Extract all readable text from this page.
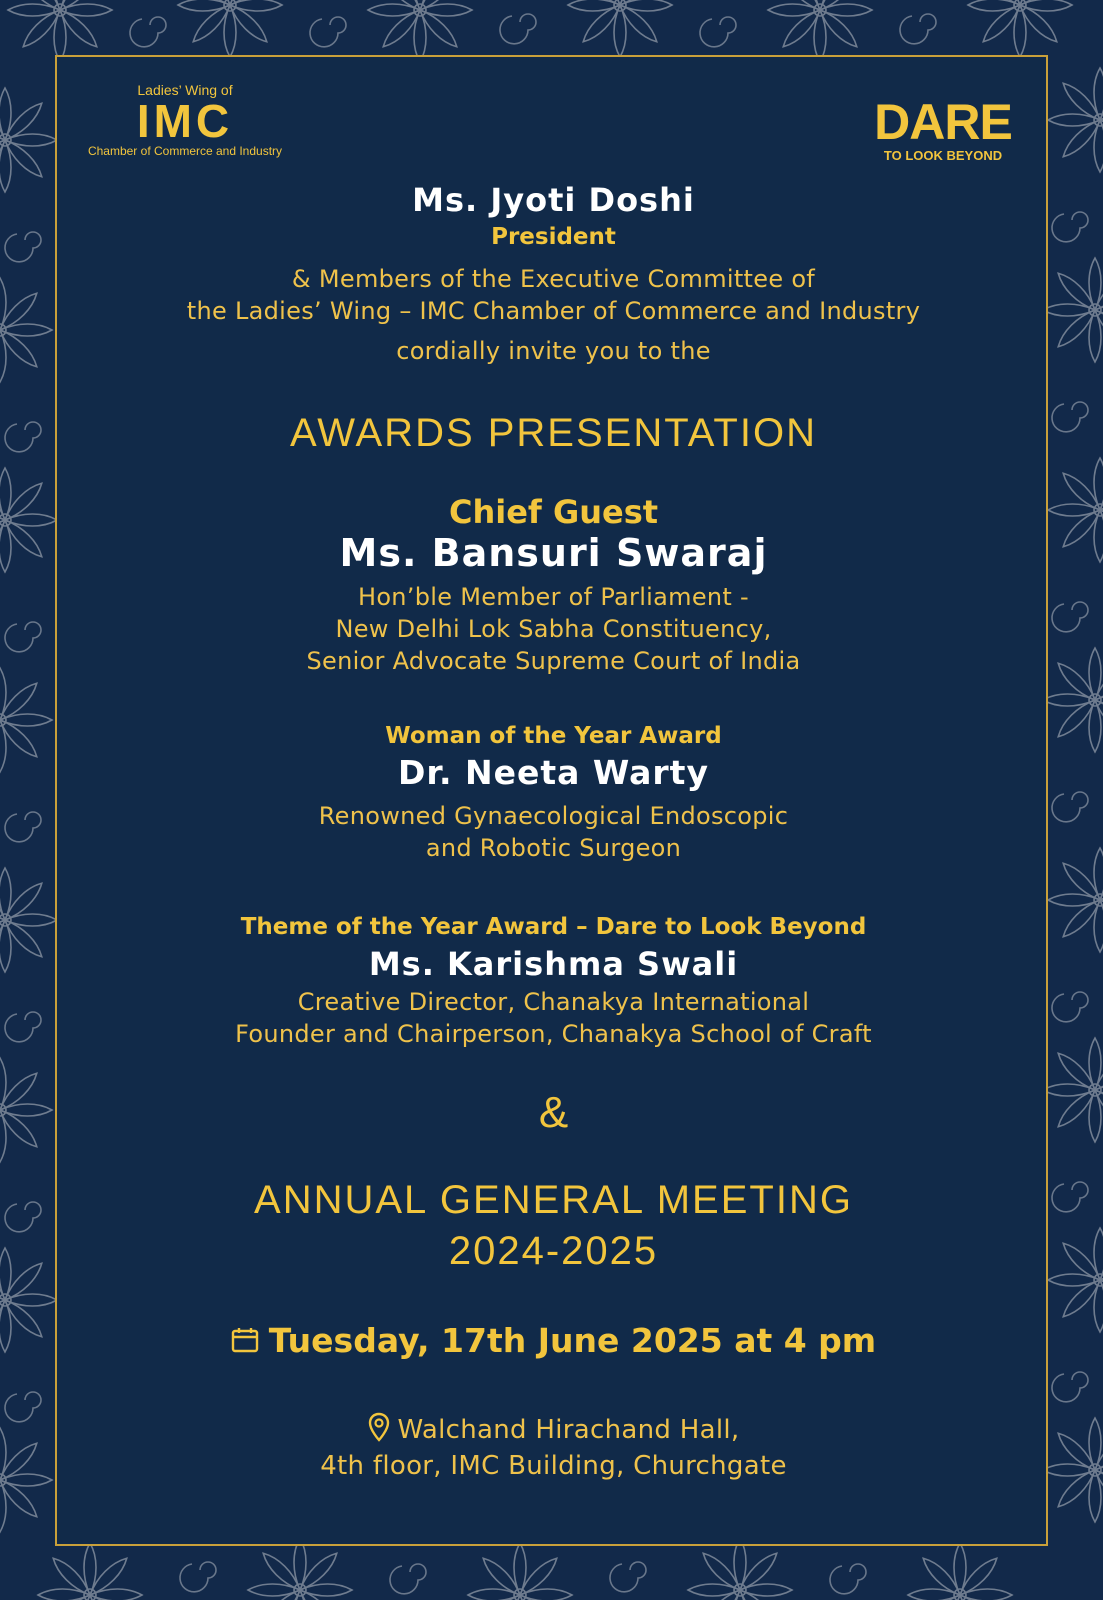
Ladies’ Wing of
IMC
Chamber of Commerce and Industry
DARE
TO LOOK BEYOND

Ms. Jyoti Doshi

President

& Members of the Executive Committee of

the Ladies’ Wing – IMC Chamber of Commerce and Industry

cordially invite you to the

AWARDS PRESENTATION

Chief Guest

Ms. Bansuri Swaraj

Hon’ble Member of Parliament -

New Delhi Lok Sabha Constituency,

Senior Advocate Supreme Court of India

Woman of the Year Award

Dr. Neeta Warty

Renowned Gynaecological Endoscopic

and Robotic Surgeon

Theme of the Year Award – Dare to Look Beyond

Ms. Karishma Swali

Creative Director, Chanakya International

Founder and Chairperson, Chanakya School of Craft

&

ANNUAL GENERAL MEETING

2024-2025

Tuesday, 17th June 2025 at 4 pm

Walchand Hirachand Hall,

4th floor, IMC Building, Churchgate
